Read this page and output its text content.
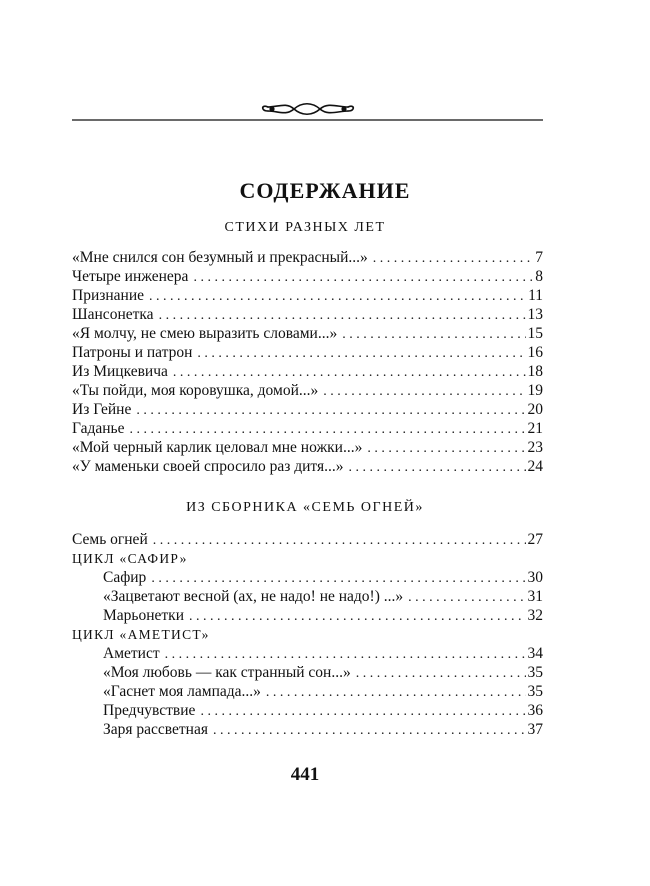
СОДЕРЖАНИЕ
СТИХИ РАЗНЫХ ЛЕТ
«Мне снился сон безумный и прекрасный...» . . .	7
Четыре инженера . . .	8
Признание . . .	11
Шансонетка . . .	13
«Я молчу, не смею выразить словами...» . . .	15
Патроны и патрон . . .	16
Из Мицкевича . . .	18
«Ты пойди, моя коровушка, домой...» . . .	19
Из Гейне . . .	20
Гаданье . . .	21
«Мой черный карлик целовал мне ножки...» . . .	23
«У маменьки своей спросило раз дитя...» . . .	24
ИЗ СБОРНИКА «СЕМЬ ОГНЕЙ»
Семь огней . . .	27
ЦИКЛ «САФИР»
Сафир . . .	30
«Зацветают весной (ах, не надо! не надо!) ...» . . .	31
Марьонетки . . .	32
ЦИКЛ «АМЕТИСТ»
Аметист . . .	34
«Моя любовь — как странный сон...» . . .	35
«Гаснет моя лампада...» . . .	35
Предчувствие . . .	36
Заря рассветная . . .	37
441
